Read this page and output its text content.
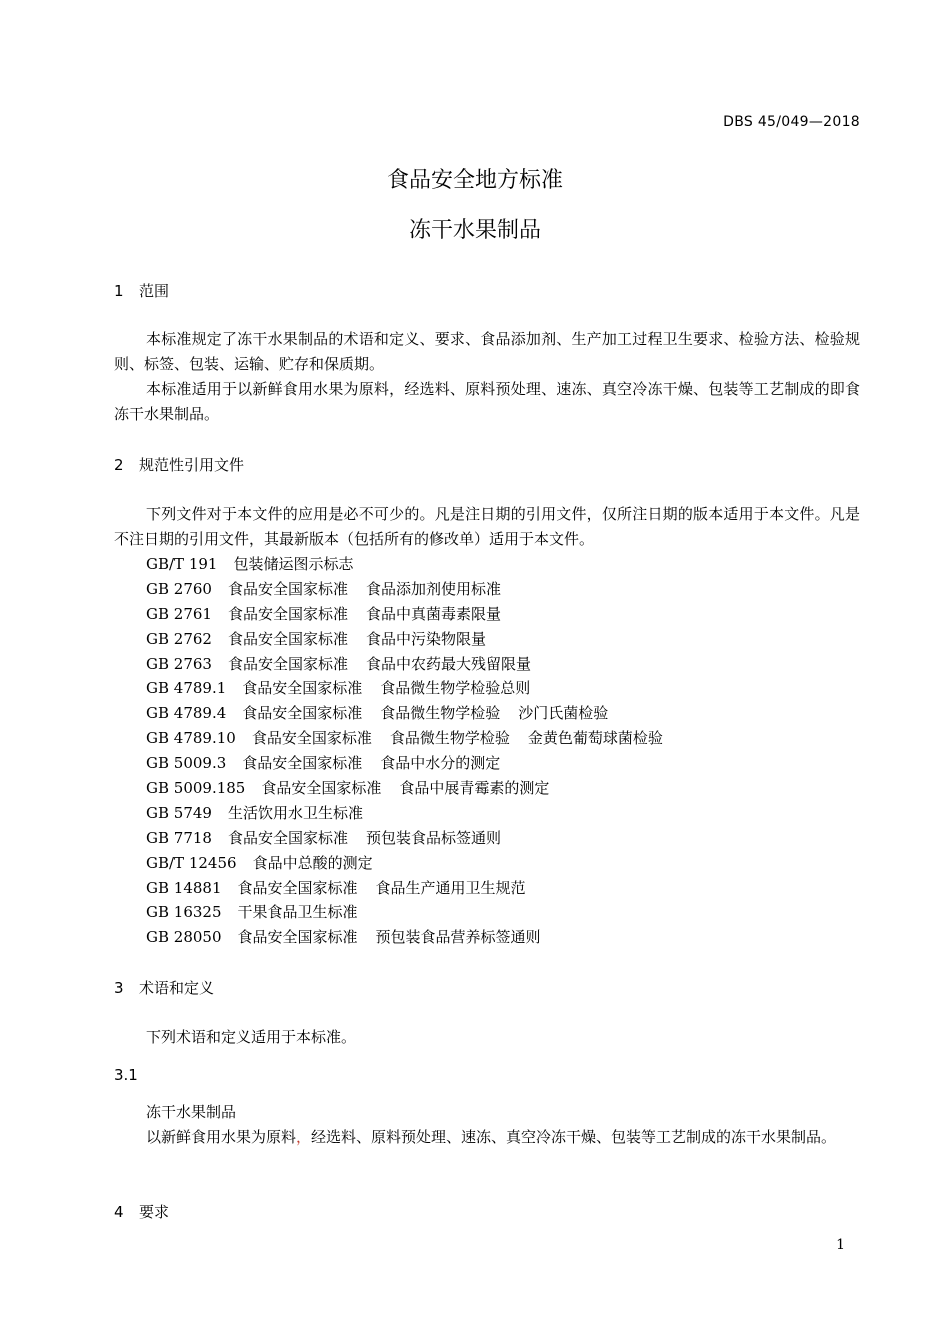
DBS 45/049—2018
食品安全地方标准
冻干水果制品
1 范围
本标准规定了冻干水果制品的术语和定义、要求、食品添加剂、生产加工过程卫生要求、检验方法、检验规则、标签、包装、运输、贮存和保质期。
本标准适用于以新鲜食用水果为原料，经选料、原料预处理、速冻、真空冷冻干燥、包装等工艺制成的即食冻干水果制品。
2 规范性引用文件
下列文件对于本文件的应用是必不可少的。凡是注日期的引用文件，仅所注日期的版本适用于本文件。凡是不注日期的引用文件，其最新版本（包括所有的修改单）适用于本文件。
GB/T 191 包装储运图示标志
GB 2760 食品安全国家标准 食品添加剂使用标准
GB 2761 食品安全国家标准 食品中真菌毒素限量
GB 2762 食品安全国家标准 食品中污染物限量
GB 2763 食品安全国家标准 食品中农药最大残留限量
GB 4789.1 食品安全国家标准 食品微生物学检验总则
GB 4789.4 食品安全国家标准 食品微生物学检验 沙门氏菌检验
GB 4789.10 食品安全国家标准 食品微生物学检验 金黄色葡萄球菌检验
GB 5009.3 食品安全国家标准 食品中水分的测定
GB 5009.185 食品安全国家标准 食品中展青霉素的测定
GB 5749 生活饮用水卫生标准
GB 7718 食品安全国家标准 预包装食品标签通则
GB/T 12456 食品中总酸的测定
GB 14881 食品安全国家标准 食品生产通用卫生规范
GB 16325 干果食品卫生标准
GB 28050 食品安全国家标准 预包装食品营养标签通则
3 术语和定义
下列术语和定义适用于本标准。
3.1
冻干水果制品
以新鲜食用水果为原料，经选料、原料预处理、速冻、真空冷冻干燥、包装等工艺制成的冻干水果制品。
4 要求
1
